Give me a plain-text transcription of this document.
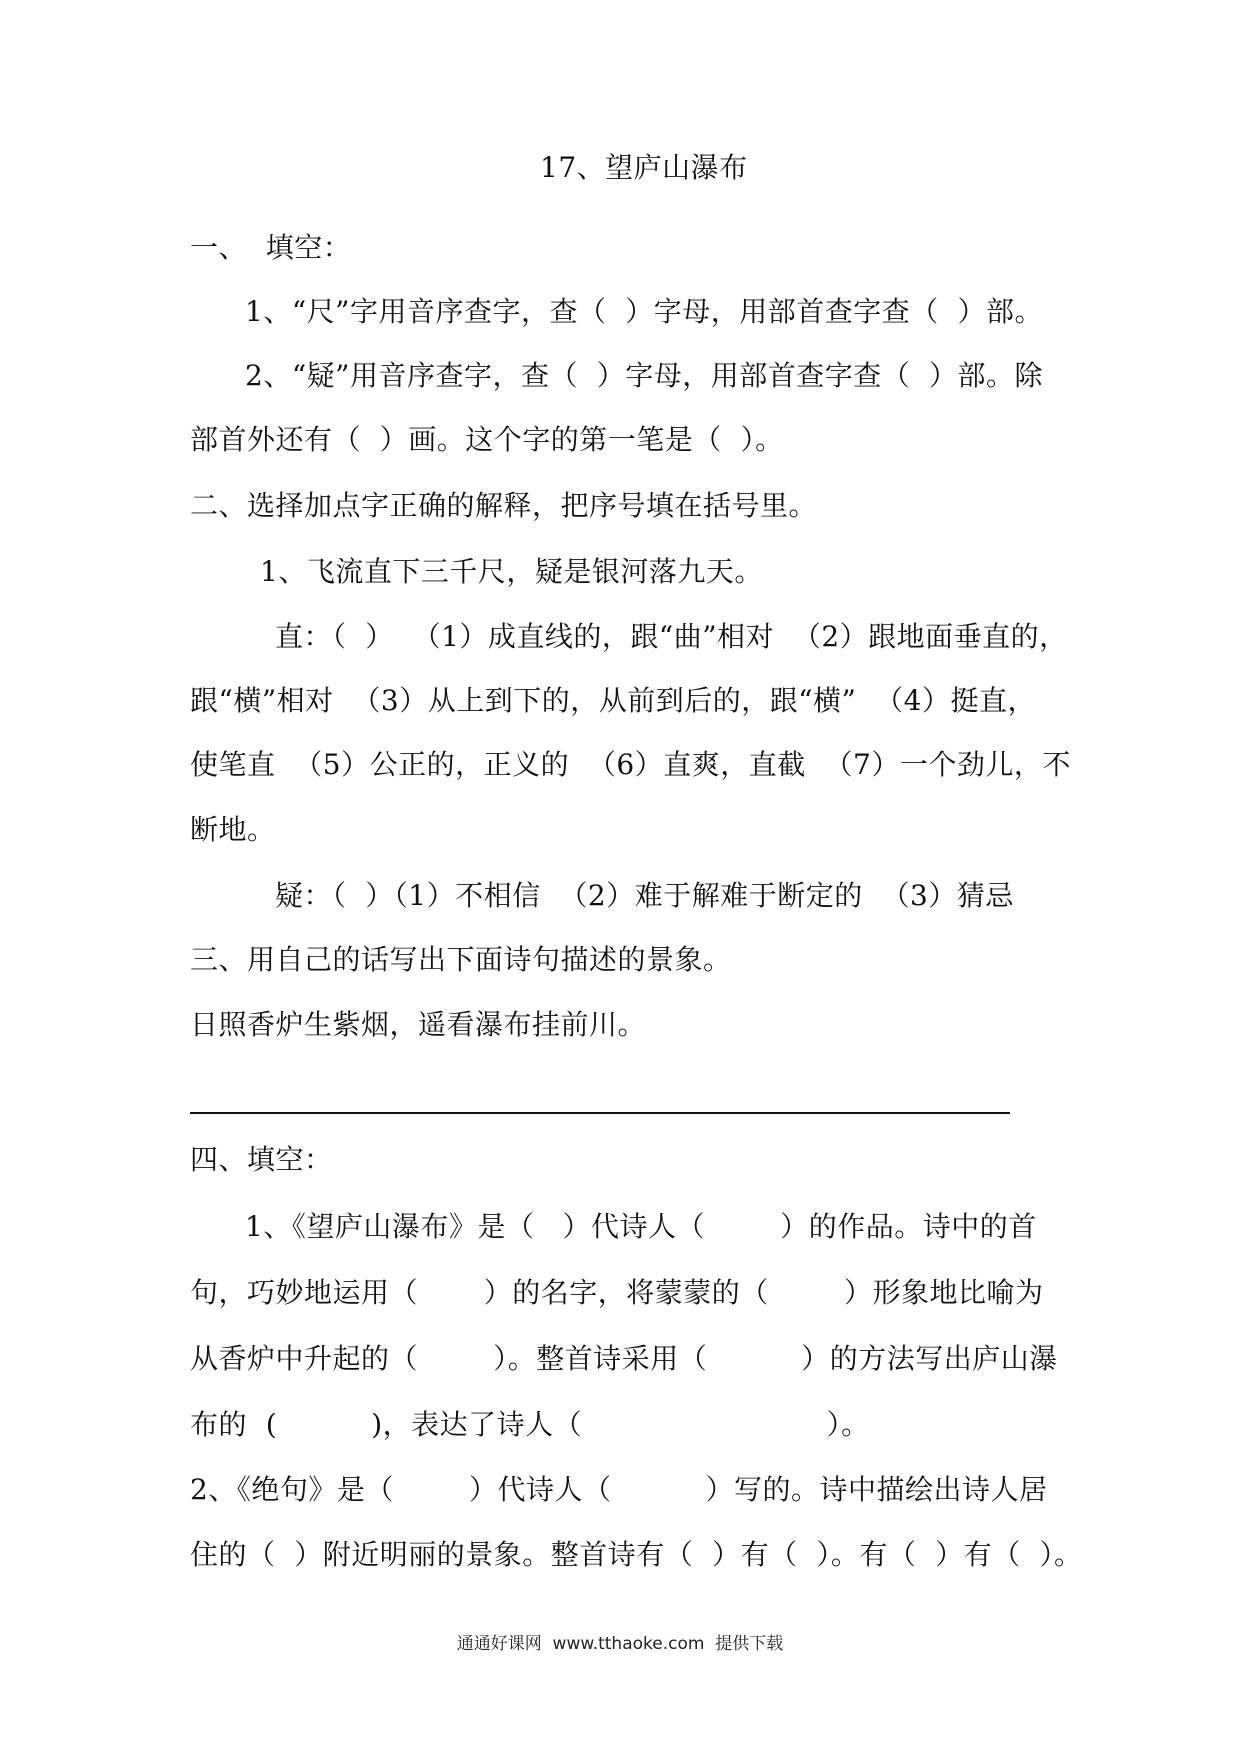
17、望庐山瀑布
一、  填空：
1、“尺”字用音序查字，查（  ）字母，用部首查字查（  ）部。
2、“疑”用音序查字，查（  ）字母，用部首查字查（  ）部。除
部首外还有（  ）画。这个字的第一笔是（  ）。
二、选择加点字正确的解释，把序号填在括号里。
1、飞流直下三千尺，疑是银河落九天。
直：（  ）  （1）成直线的，跟“曲”相对  （2）跟地面垂直的，
跟“横”相对  （3）从上到下的，从前到后的，跟“横”  （4）挺直，
使笔直  （5）公正的，正义的  （6）直爽，直截  （7）一个劲儿，不
断地。
疑：（  ）（1）不相信  （2）难于解难于断定的  （3）猜忌
三、用自己的话写出下面诗句描述的景象。
日照香炉生紫烟，遥看瀑布挂前川。
四、填空：
1、《望庐山瀑布》是（   ）代诗人（        ）的作品。诗中的首
句，巧妙地运用（       ）的名字，将蒙蒙的（        ）形象地比喻为
从香炉中升起的（        ）。整首诗采用（          ）的方法写出庐山瀑
布的  (          )，表达了诗人（                          ）。
2、《绝句》是（        ）代诗人（          ）写的。诗中描绘出诗人居
住的（  ）附近明丽的景象。整首诗有（  ）有（  ）。有（  ）有（  ）。
通通好课网  www.tthaoke.com  提供下载
